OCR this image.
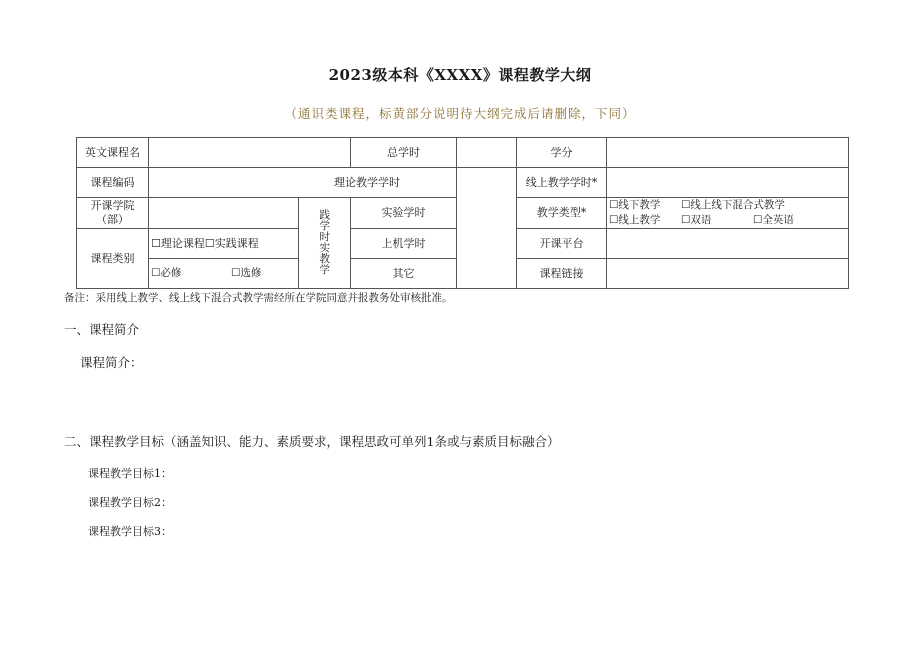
2023级本科《XXXX》课程教学大纲
（通识类课程，标黄部分说明待大纲完成后请删除，下同）
英文课程名			总学时		学分	
课程编码	理论教学学时				线上教学学时*	
开课学院（部）		践学时实教学	实验学时		教学类型*	☐线下教学 ☐线上线下混合式教学
☐线上教学 ☐双语 ☐全英语

课程类别	☐理论课程☐实践课程		上机学时		开课平台	

	☐必修 ☐选修		其它		课程链接	
备注：采用线上教学、线上线下混合式教学需经所在学院同意并报教务处审核批准。
一、课程简介
课程简介：
二、课程教学目标（涵盖知识、能力、素质要求，课程思政可单列1条或与素质目标融合）
课程教学目标1：
课程教学目标2：
课程教学目标3：
